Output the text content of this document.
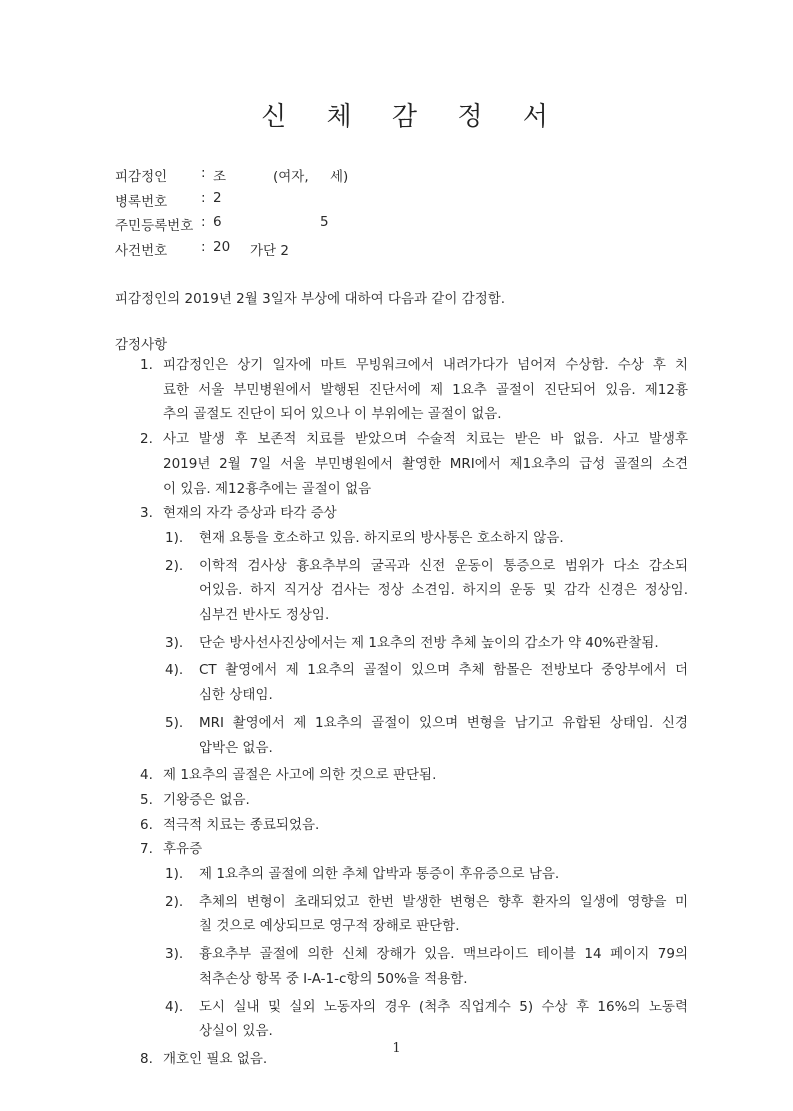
신 체 감 정 서
피감정인	: 조	(여자, 세)
병록번호	: 2
주민등록번호 : 6	5
사건번호	: 20 가단 2
피감정인의 2019년 2월 3일자 부상에 대하여 다음과 같이 감정함.
감정사항
1. 피감정인은 상기 일자에 마트 무빙워크에서 내려가다가 넘어져 수상함. 수상 후 치
료한 서울 부민병원에서 발행된 진단서에 제 1요추 골절이 진단되어 있음. 제12흉
추의 골절도 진단이 되어 있으나 이 부위에는 골절이 없음.
2. 사고 발생 후 보존적 치료를 받았으며 수술적 치료는 받은 바 없음. 사고 발생후
2019년 2월 7일 서울 부민병원에서 촬영한 MRI에서 제1요추의 급성 골절의 소견
이 있음. 제12흉추에는 골절이 없음
3. 현재의 자각 증상과 타각 증상
1). 현재 요통을 호소하고 있음. 하지로의 방사통은 호소하지 않음.
2). 이학적 검사상 흉요추부의 굴곡과 신전 운동이 통증으로 범위가 다소 감소되
어있음. 하지 직거상 검사는 정상 소견임. 하지의 운동 및 감각 신경은 정상임.
심부건 반사도 정상임.
3). 단순 방사선사진상에서는 제 1요추의 전방 추체 높이의 감소가 약 40%관찰됨.
4). CT 촬영에서 제 1요추의 골절이 있으며 추체 함몰은 전방보다 중앙부에서 더
심한 상태임.
5). MRI 촬영에서 제 1요추의 골절이 있으며 변형을 남기고 유합된 상태임. 신경
압박은 없음.
4. 제 1요추의 골절은 사고에 의한 것으로 판단됨.
5. 기왕증은 없음.
6. 적극적 치료는 종료되었음.
7. 후유증
1). 제 1요추의 골절에 의한 추체 압박과 통증이 후유증으로 남음.
2). 추체의 변형이 초래되었고 한번 발생한 변형은 향후 환자의 일생에 영향을 미
칠 것으로 예상되므로 영구적 장해로 판단함.
3). 흉요추부 골절에 의한 신체 장해가 있음. 맥브라이드 테이블 14 페이지 79의
척추손상 항목 중 I-A-1-c항의 50%을 적용함.
4). 도시 실내 및 실외 노동자의 경우 (척추 직업계수 5) 수상 후 16%의 노동력
상실이 있음.
8. 개호인 필요 없음.
1
